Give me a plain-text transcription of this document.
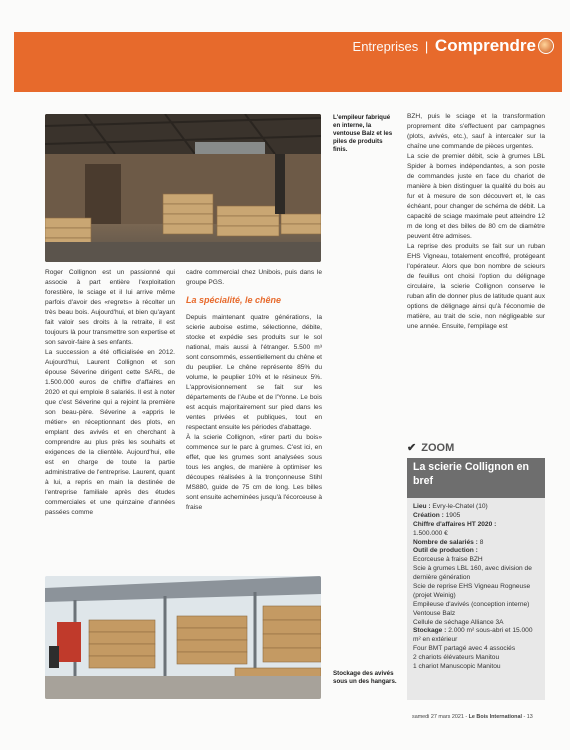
Entreprises | Comprendre
L'empileur fabriqué en interne, la ventouse Balz et les piles de produits finis.

Roger Collignon est un passionné qui associe à part entière l'exploitation forestière, le sciage et il lui arrive même parfois d'avoir des «regrets» à récolter un très beau bois. Aujourd'hui, et bien qu'ayant fait valoir ses droits à la retraite, il est toujours là pour transmettre son expertise et son savoir-faire à ses enfants.

La succession a été officialisée en 2012. Aujourd'hui, Laurent Collignon et son épouse Séverine dirigent cette SARL, de 1.500.000 euros de chiffre d'affaires en 2020 et qui emploie 8 salariés. Il est à noter que c'est Séverine qui a rejoint la première son beau-père. Séverine a «appris le métier» en réceptionnant des plots, en emplant des avivés et en cherchant à comprendre au plus près les souhaits et exigences de la clientèle. Aujourd'hui, elle est en charge de toute la partie administrative de l'entreprise. Laurent, quant à lui, a repris en main la destinée de l'entreprise familiale après des études commerciales et une quinzaine d'années passées comme

cadre commercial chez Unibois, puis dans le groupe PGS.

La spécialité, le chêne

Depuis maintenant quatre générations, la scierie auboise estime, sélectionne, débite, stocke et expédie ses produits sur le sol national, mais aussi à l'étranger. 5.500 m³ sont consommés, essentiellement du chêne et du peuplier. Le chêne représente 85% du volume, le peuplier 10% et le résineux 5%. L'approvisionnement se fait sur les départements de l'Aube et de l'Yonne. Le bois est acquis majoritairement sur pied dans les ventes privées et publiques, tout en respectant ensuite les périodes d'abattage.

À la scierie Collignon, «tirer parti du bois» commence sur le parc à grumes. C'est ici, en effet, que les grumes sont analysées sous tous les angles, de manière à optimiser les découpes réalisées à la tronçonneuse Stihl MS880, guide de 75 cm de long. Les billes sont ensuite acheminées jusqu'à l'écorceuse à fraise

BZH, puis le sciage et la transformation proprement dite s'effectuent par campagnes (plots, avivés, etc.), sauf à intercaler sur la chaîne une commande de pièces urgentes.

La scie de premier débit, scie à grumes LBL Spider à bornes indépendantes, a son poste de commandes juste en face du chariot de manière à bien distinguer la qualité du bois au fur et à mesure de son découvert et, le cas échéant, pour changer de schéma de débit. La capacité de sciage maximale peut atteindre 12 m de long et des billes de 80 cm de diamètre peuvent être admises.

La reprise des produits se fait sur un ruban EHS Vigneau, totalement encoffré, protégeant l'opérateur. Alors que bon nombre de scieurs de feuillus ont choisi l'option du délignage circulaire, la scierie Collignon conserve le ruban afin de donner plus de latitude quant aux options de délignage ainsi qu'à l'économie de matière, au trait de scie, non négligeable sur une année. Ensuite, l'empilage est

✔ ZOOM
La scierie Collignon en bref
Lieu : Evry-le-Chatel (10)
Création : 1905
Chiffre d'affaires HT 2020 :
1.500.000 €
Nombre de salariés : 8
Outil de production :
Ecorceuse à fraise BZH
Scie à grumes LBL 160, avec division de dernière génération
Scie de reprise EHS Vigneau Rogneuse (projet Weinig)
Empileuse d'avivés (conception interne)
Ventouse Balz
Cellule de séchage Alliance 3A
Stockage : 2.000 m² sous-abri et 15.000 m² en extérieur
Four BMT partagé avec 4 associés
2 chariots élévateurs Manitou
1 chariot Manuscopic Manitou
Stockage des avivés sous un des hangars.
samedi 27 mars 2021 - Le Bois International - 13
